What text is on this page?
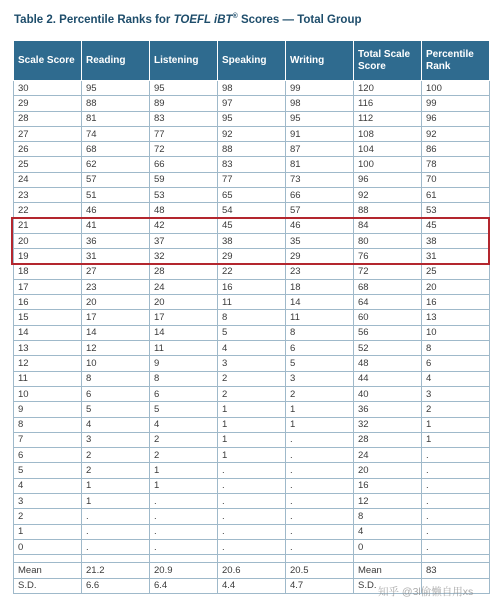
Table 2. Percentile Ranks for TOEFL iBT® Scores — Total Group
Scale Score	Reading	Listening	Speaking	Writing	Total Scale Score	Percentile Rank
30	95	95	98	99	120	100
29	88	89	97	98	116	99
28	81	83	95	95	112	96
27	74	77	92	91	108	92
26	68	72	88	87	104	86
25	62	66	83	81	100	78
24	57	59	77	73	96	70
23	51	53	65	66	92	61
22	46	48	54	57	88	53
21	41	42	45	46	84	45
20	36	37	38	35	80	38
19	31	32	29	29	76	31
18	27	28	22	23	72	25
17	23	24	16	18	68	20
16	20	20	11	14	64	16
15	17	17	8	11	60	13
14	14	14	5	8	56	10
13	12	11	4	6	52	8
12	10	9	3	5	48	6
11	8	8	2	3	44	4
10	6	6	2	2	40	3
9	5	5	1	1	36	2
8	4	4	1	1	32	1
7	3	2	1	.	28	1
6	2	2	1	.	24	.
5	2	1	.	.	20	.
4	1	1	.	.	16	.
3	1	.	.	.	12	.
2	.	.	.	.	8	.
1	.	.	.	.	4	.
0	.	.	.	.	0	.

Mean	21.2	20.9	20.6	20.5	Mean	83
S.D.	6.6	6.4	4.4	4.7	S.D.	
知乎 @3l偷懒自用xs
